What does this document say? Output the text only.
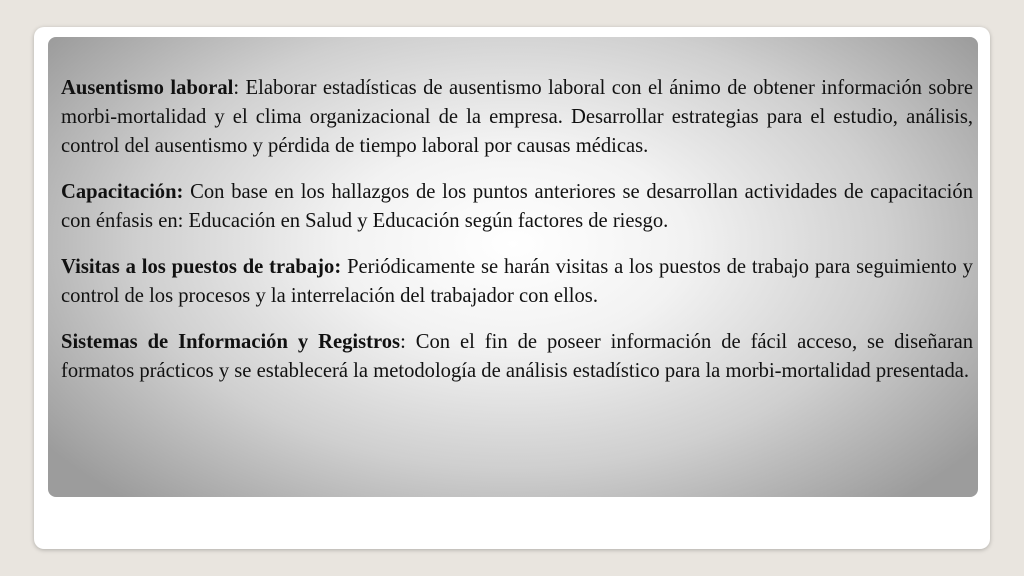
Ausentismo laboral: Elaborar estadísticas de ausentismo laboral con el ánimo de obtener información sobre morbi-mortalidad y el clima organizacional de la empresa. Desarrollar estrategias para el estudio, análisis, control del ausentismo y pérdida de tiempo laboral por causas médicas.

Capacitación: Con base en los hallazgos de los puntos anteriores se desarrollan actividades de capacitación con énfasis en: Educación en Salud y Educación según factores de riesgo.

Visitas a los puestos de trabajo: Periódicamente se harán visitas a los puestos de trabajo para seguimiento y control de los procesos y la interrelación del trabajador con ellos.

Sistemas de Información y Registros: Con el fin de poseer información de fácil acceso, se diseñaran formatos prácticos y se establecerá la metodología de análisis estadístico para la morbi-mortalidad presentada.
